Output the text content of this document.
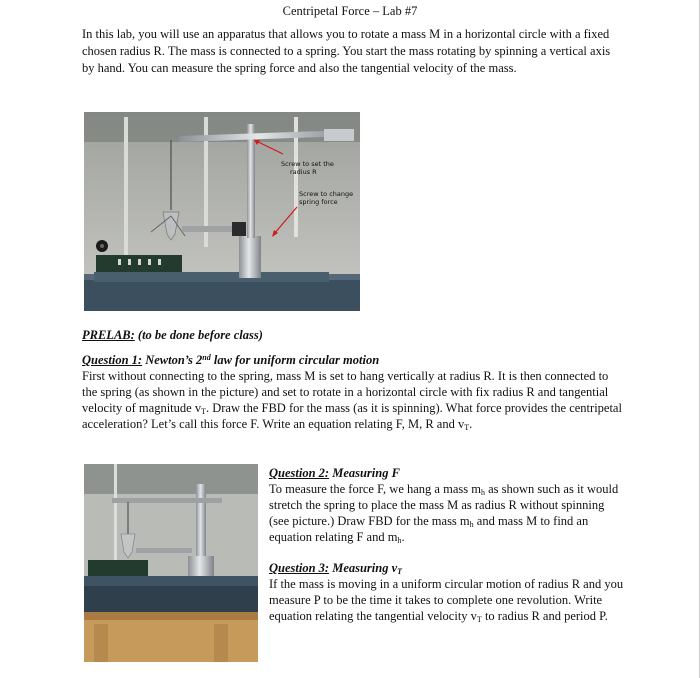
Centripetal Force – Lab #7
In this lab, you will use an apparatus that allows you to rotate a mass M in a horizontal circle with a fixed chosen radius R. The mass is connected to a spring. You start the mass rotating by spinning a vertical axis by hand. You can measure the spring force and also the tangential velocity of the mass.
Screw to set the
radius R
Screw to change
spring force
PRELAB: (to be done before class)
Question 1: Newton’s 2nd law for uniform circular motion
First without connecting to the spring, mass M is set to hang vertically at radius R. It is then connected to the spring (as shown in the picture) and set to rotate in a horizontal circle with fix radius R and tangential velocity of magnitude $v_T$. Draw the FBD for the mass (as it is spinning). What force provides the centripetal acceleration? Let’s call this force F. Write an equation relating F, M, R and $v_T$.
Question 2: Measuring F
To measure the force F, we hang a mass $m_h$ as shown such as it would stretch the spring to place the mass M as radius R without spinning (see picture.) Draw FBD for the mass $m_h$ and mass M to find an equation relating F and $m_h$.
Question 3: Measuring $v_T$
If the mass is moving in a uniform circular motion of radius R and you measure P to be the time it takes to complete one revolution. Write equation relating the tangential velocity $v_T$ to radius R and period P.
